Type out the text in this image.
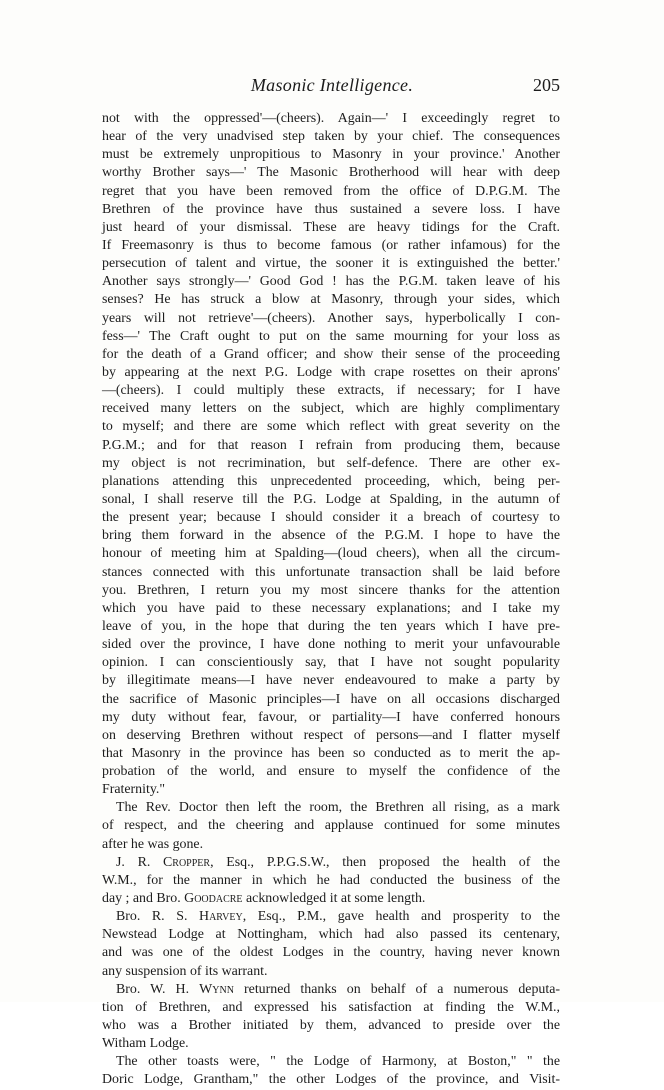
Masonic Intelligence.	205
not with the oppressed'—(cheers). Again—' I exceedingly regret to
hear of the very unadvised step taken by your chief. The consequences
must be extremely unpropitious to Masonry in your province.' Another
worthy Brother says—' The Masonic Brotherhood will hear with deep
regret that you have been removed from the office of D.P.G.M. The
Brethren of the province have thus sustained a severe loss. I have
just heard of your dismissal. These are heavy tidings for the Craft.
If Freemasonry is thus to become famous (or rather infamous) for the
persecution of talent and virtue, the sooner it is extinguished the better.'
Another says strongly—' Good God ! has the P.G.M. taken leave of his
senses? He has struck a blow at Masonry, through your sides, which
years will not retrieve'—(cheers). Another says, hyperbolically I con-
fess—' The Craft ought to put on the same mourning for your loss as
for the death of a Grand officer; and show their sense of the proceeding
by appearing at the next P.G. Lodge with crape rosettes on their aprons'
—(cheers). I could multiply these extracts, if necessary; for I have
received many letters on the subject, which are highly complimentary
to myself; and there are some which reflect with great severity on the
P.G.M.; and for that reason I refrain from producing them, because
my object is not recrimination, but self-defence. There are other ex-
planations attending this unprecedented proceeding, which, being per-
sonal, I shall reserve till the P.G. Lodge at Spalding, in the autumn of
the present year; because I should consider it a breach of courtesy to
bring them forward in the absence of the P.G.M. I hope to have the
honour of meeting him at Spalding—(loud cheers), when all the circum-
stances connected with this unfortunate transaction shall be laid before
you. Brethren, I return you my most sincere thanks for the attention
which you have paid to these necessary explanations; and I take my
leave of you, in the hope that during the ten years which I have pre-
sided over the province, I have done nothing to merit your unfavourable
opinion. I can conscientiously say, that I have not sought popularity
by illegitimate means—I have never endeavoured to make a party by
the sacrifice of Masonic principles—I have on all occasions discharged
my duty without fear, favour, or partiality—I have conferred honours
on deserving Brethren without respect of persons—and I flatter myself
that Masonry in the province has been so conducted as to merit the ap-
probation of the world, and ensure to myself the confidence of the
Fraternity."
The Rev. Doctor then left the room, the Brethren all rising, as a mark
of respect, and the cheering and applause continued for some minutes
after he was gone.
J. R. Cropper, Esq., P.P.G.S.W., then proposed the health of the
W.M., for the manner in which he had conducted the business of the
day ; and Bro. Goodacre acknowledged it at some length.
Bro. R. S. Harvey, Esq., P.M., gave health and prosperity to the
Newstead Lodge at Nottingham, which had also passed its centenary,
and was one of the oldest Lodges in the country, having never known
any suspension of its warrant.
Bro. W. H. Wynn returned thanks on behalf of a numerous deputa-
tion of Brethren, and expressed his satisfaction at finding the W.M.,
who was a Brother initiated by them, advanced to preside over the
Witham Lodge.
The other toasts were, " the Lodge of Harmony, at Boston," " the
Doric Lodge, Grantham," the other Lodges of the province, and Visit-
